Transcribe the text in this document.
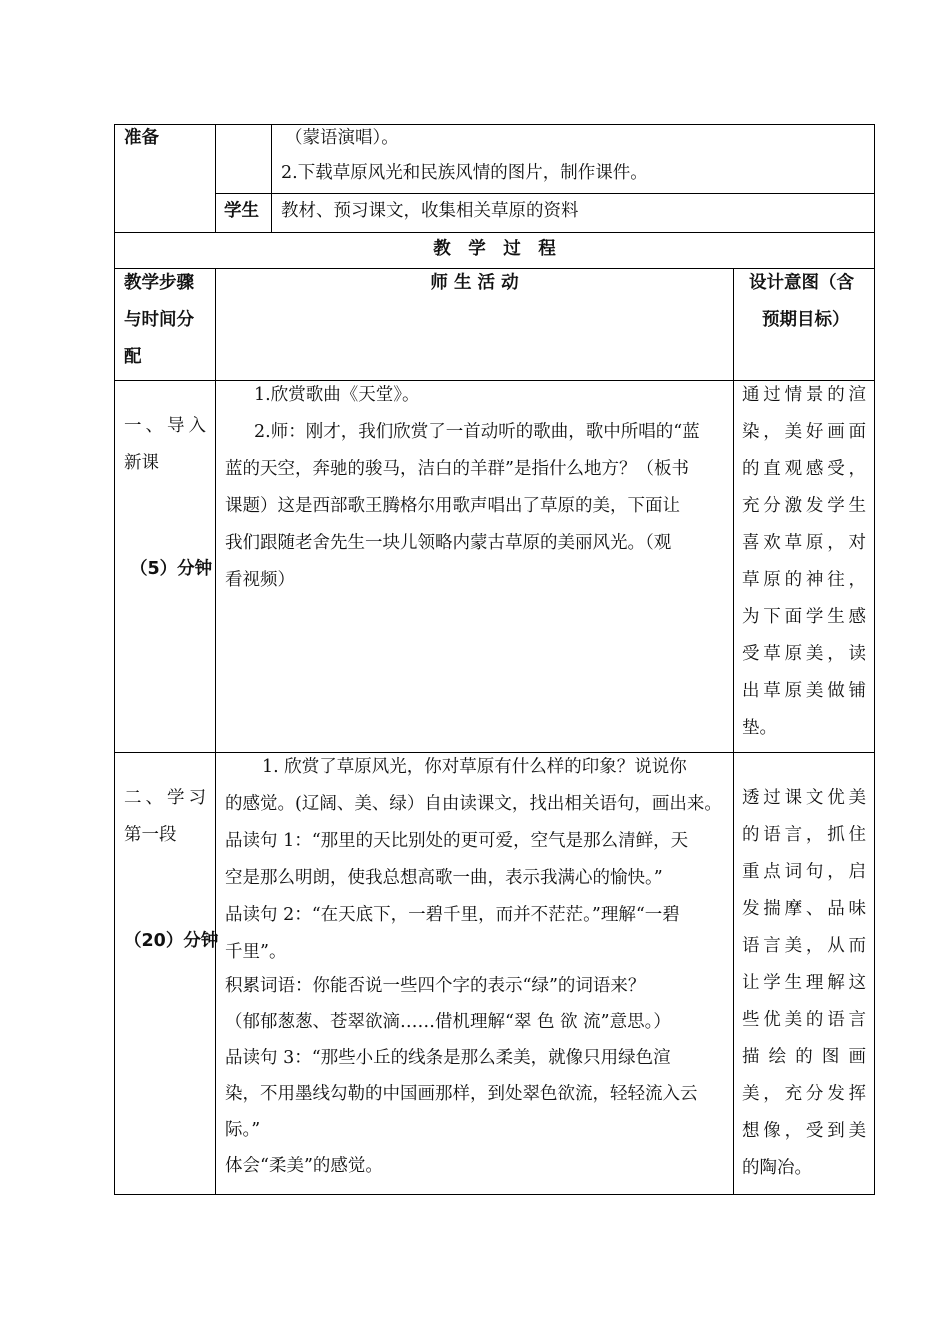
准备	（蒙语演唱）。
2.下载草原风光和民族风情的图片，制作课件。
学生 教材、预习课文，收集相关草原的资料
教　学　过　程
教学步骤
与时间分
配
师 生 活 动	设计意图（含
预期目标）
一、导入
新课
（5）分钟
1.欣赏歌曲《天堂》。
2.师：刚才，我们欣赏了一首动听的歌曲，歌中所唱的“蓝
蓝的天空，奔驰的骏马，洁白的羊群”是指什么地方？（板书
课题）这是西部歌王腾格尔用歌声唱出了草原的美，下面让
我们跟随老舍先生一块儿领略内蒙古草原的美丽风光。（观
看视频）
通过情景的渲
染，美好画面
的直观感受，
充分激发学生
喜欢草原，对
草原的神往，
为下面学生感
受草原美，读
出草原美做铺
垫。
二、学习
第一段
（20）分钟
1. 欣赏了草原风光，你对草原有什么样的印象？说说你
的感觉。(辽阔、美、绿）自由读课文，找出相关语句，画出来。
品读句 1：“那里的天比别处的更可爱，空气是那么清鲜，天
空是那么明朗，使我总想高歌一曲，表示我满心的愉快。”
品读句 2：“在天底下，一碧千里，而并不茫茫。”理解“一碧
千里”。
积累词语：你能否说一些四个字的表示“绿”的词语来？
（郁郁葱葱、苍翠欲滴……借机理解“翠 色 欲 流”意思。）
品读句 3：“那些小丘的线条是那么柔美，就像只用绿色渲
染，不用墨线勾勒的中国画那样，到处翠色欲流，轻轻流入云
际。”
体会“柔美”的感觉。
透过课文优美
的语言，抓住
重点词句，启
发揣摩、品味
语言美，从而
让学生理解这
些优美的语言
描绘的图画
美，充分发挥
想像，受到美
的陶冶。
